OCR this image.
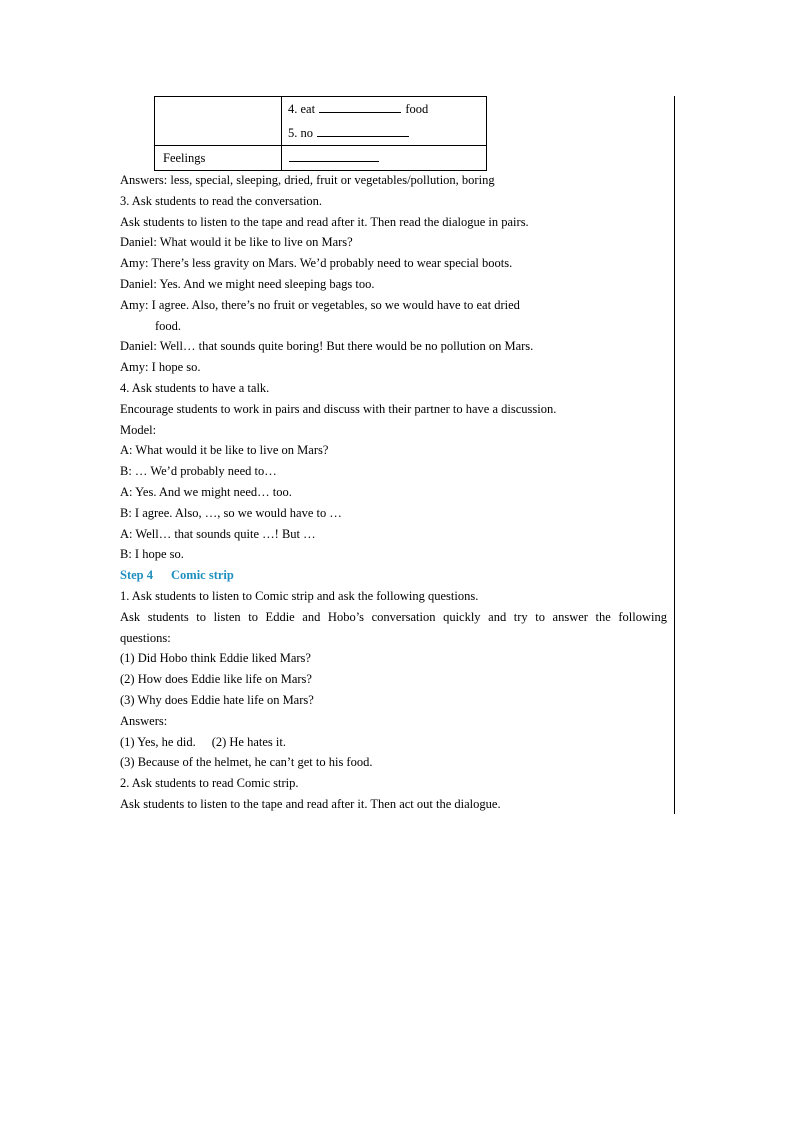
	4. eat food
5. no

Feelings	

Answers: less, special, sleeping, dried, fruit or vegetables/pollution, boring
3. Ask students to read the conversation.
Ask students to listen to the tape and read after it. Then read the dialogue in pairs.
Daniel: What would it be like to live on Mars?
Amy: There’s less gravity on Mars. We’d probably need to wear special boots.
Daniel: Yes. And we might need sleeping bags too.
Amy: I agree. Also, there’s no fruit or vegetables, so we would have to eat dried
food.
Daniel: Well… that sounds quite boring! But there would be no pollution on Mars.
Amy: I hope so.
4. Ask students to have a talk.
Encourage students to work in pairs and discuss with their partner to have a discussion.
Model:
A: What would it be like to live on Mars?
B: … We’d probably need to…
A: Yes. And we might need… too.
B: I agree. Also, …, so we would have to …
A: Well… that sounds quite …! But …
B: I hope so.
Step 4 Comic strip
1. Ask students to listen to Comic strip and ask the following questions.
Ask students to listen to Eddie and Hobo’s conversation quickly and try to answer the following
questions:
(1) Did Hobo think Eddie liked Mars?
(2) How does Eddie like life on Mars?
(3) Why does Eddie hate life on Mars?
Answers:
(1) Yes, he did. (2) He hates it.
(3) Because of the helmet, he can’t get to his food.
2. Ask students to read Comic strip.
Ask students to listen to the tape and read after it. Then act out the dialogue.
